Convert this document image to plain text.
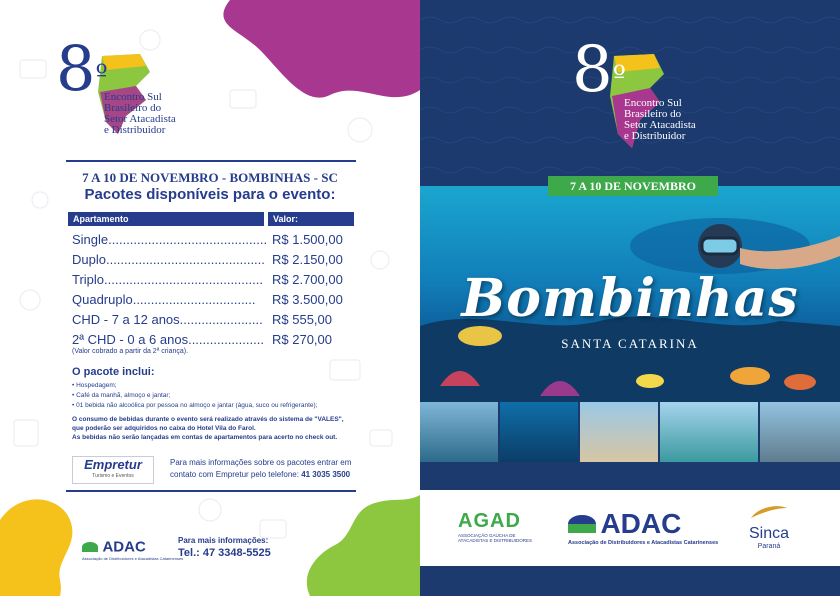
$8^º$
Encontro Sul
Brasileiro do
Setor Atacadista
e Distribuidor
7 A 10 DE NOVEMBRO - BOMBINHAS - SC
Pacotes disponíveis para o evento:
Apartamento	Valor:
Single............................................ R$ 1.500,00
Duplo............................................ R$ 2.150,00
Triplo............................................ R$ 2.700,00
Quadruplo.................................. R$ 3.500,00
CHD - 7 a 12 anos....................... R$ 555,00
2ª CHD - 0 a 6 anos..................... R$ 270,00
(Valor cobrado a partir da 2ª criança).
O pacote inclui:
• Hospedagem;
• Café da manhã, almoço e jantar;
• 01 bebida não alcoólica por pessoa no almoço e jantar (água, suco ou refrigerante);
O consumo de bebidas durante o evento será realizado através do sistema de "VALES",
que poderão ser adquiridos no caixa do Hotel Vila do Farol.
As bebidas não serão lançadas em contas de apartamentos para acerto no check out.
Empretur
Turismo e Eventos
Para mais informações sobre os pacotes entrar em
contato com Empretur pelo telefone: 41 3035 3500
ADAC
Associação de Distribuidores e Atacadistas Catarinenses
Para mais informações:
Tel.: 47 3348-5525
$8^º$
Encontro Sul
Brasileiro do
Setor Atacadista
e Distribuidor
AGAD
ASSOCIAÇÃO GAÚCHA DE
ATACADISTAS E DISTRIBUIDORES
ADAC
Associação de Distribuidores e Atacadistas Catarinenses
Sinca
Paraná
7 A 10 DE NOVEMBRO
Bombinhas
SANTA CATARINA
